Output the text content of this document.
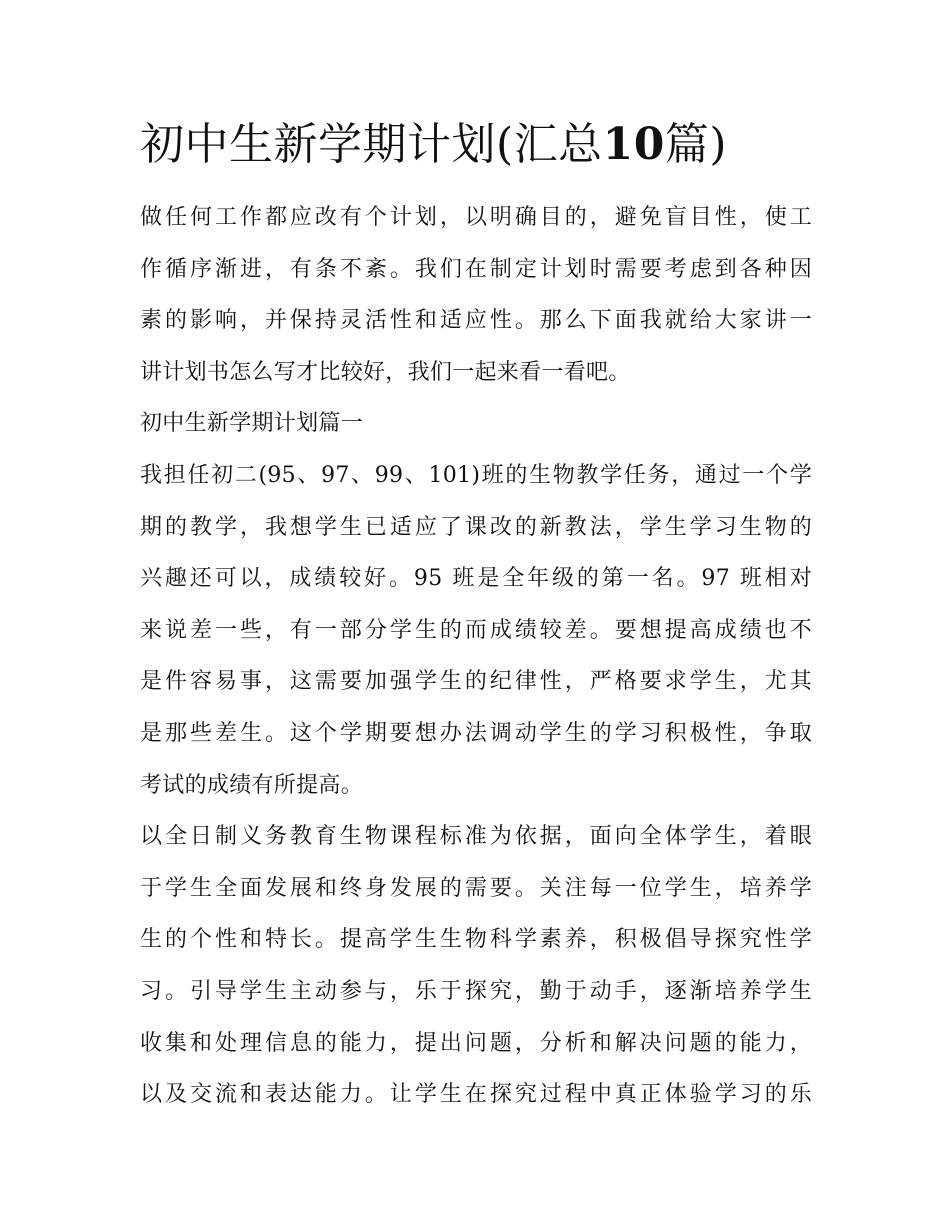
初中生新学期计划(汇总10篇)
做任何工作都应改有个计划，以明确目的，避免盲目性，使工
作循序渐进，有条不紊。我们在制定计划时需要考虑到各种因
素的影响，并保持灵活性和适应性。那么下面我就给大家讲一
讲计划书怎么写才比较好，我们一起来看一看吧。
初中生新学期计划篇一
我担任初二(95、97、99、101)班的生物教学任务，通过一个学
期的教学，我想学生已适应了课改的新教法，学生学习生物的
兴趣还可以，成绩较好。95 班是全年级的第一名。97 班相对
来说差一些，有一部分学生的而成绩较差。要想提高成绩也不
是件容易事，这需要加强学生的纪律性，严格要求学生，尤其
是那些差生。这个学期要想办法调动学生的学习积极性，争取
考试的成绩有所提高。
以全日制义务教育生物课程标准为依据，面向全体学生，着眼
于学生全面发展和终身发展的需要。关注每一位学生，培养学
生的个性和特长。提高学生生物科学素养，积极倡导探究性学
习。引导学生主动参与，乐于探究，勤于动手，逐渐培养学生
收集和处理信息的能力，提出问题，分析和解决问题的能力，
以及交流和表达能力。让学生在探究过程中真正体验学习的乐
